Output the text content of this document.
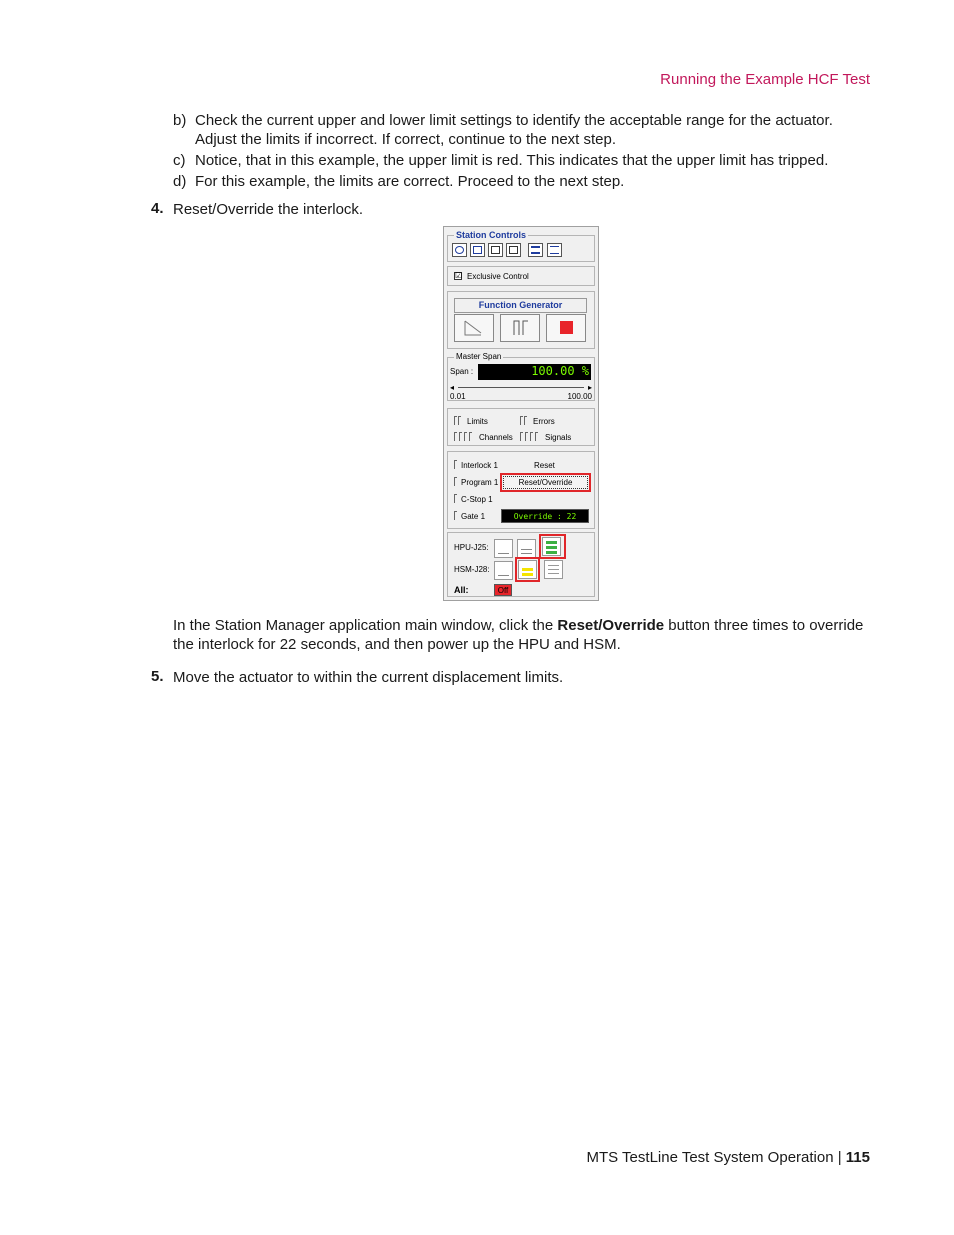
Running the Example HCF Test
b) Check the current upper and lower limit settings to identify the acceptable range for the actuator.
Adjust the limits if incorrect. If correct, continue to the next step.
c) Notice, that in this example, the upper limit is red. This indicates that the upper limit has tripped.
d) For this example, the limits are correct. Proceed to the next step.
4. Reset/Override the interlock.
Station Controls
☑ Exclusive Control
Function Generator
Master Span
Span :	100.00 %
◂	▸
0.01	100.00
Limits	Errors
Channels	Signals
Interlock 1	Reset
Program 1	Reset/Override
C-Stop 1
Gate 1	Override : 22
HPU-J25:
HSM-J28:
All:	Off
In the Station Manager application main window, click the Reset/Override button three times to override
the interlock for 22 seconds, and then power up the HPU and HSM.
5. Move the actuator to within the current displacement limits.
MTS TestLine Test System Operation | 115
